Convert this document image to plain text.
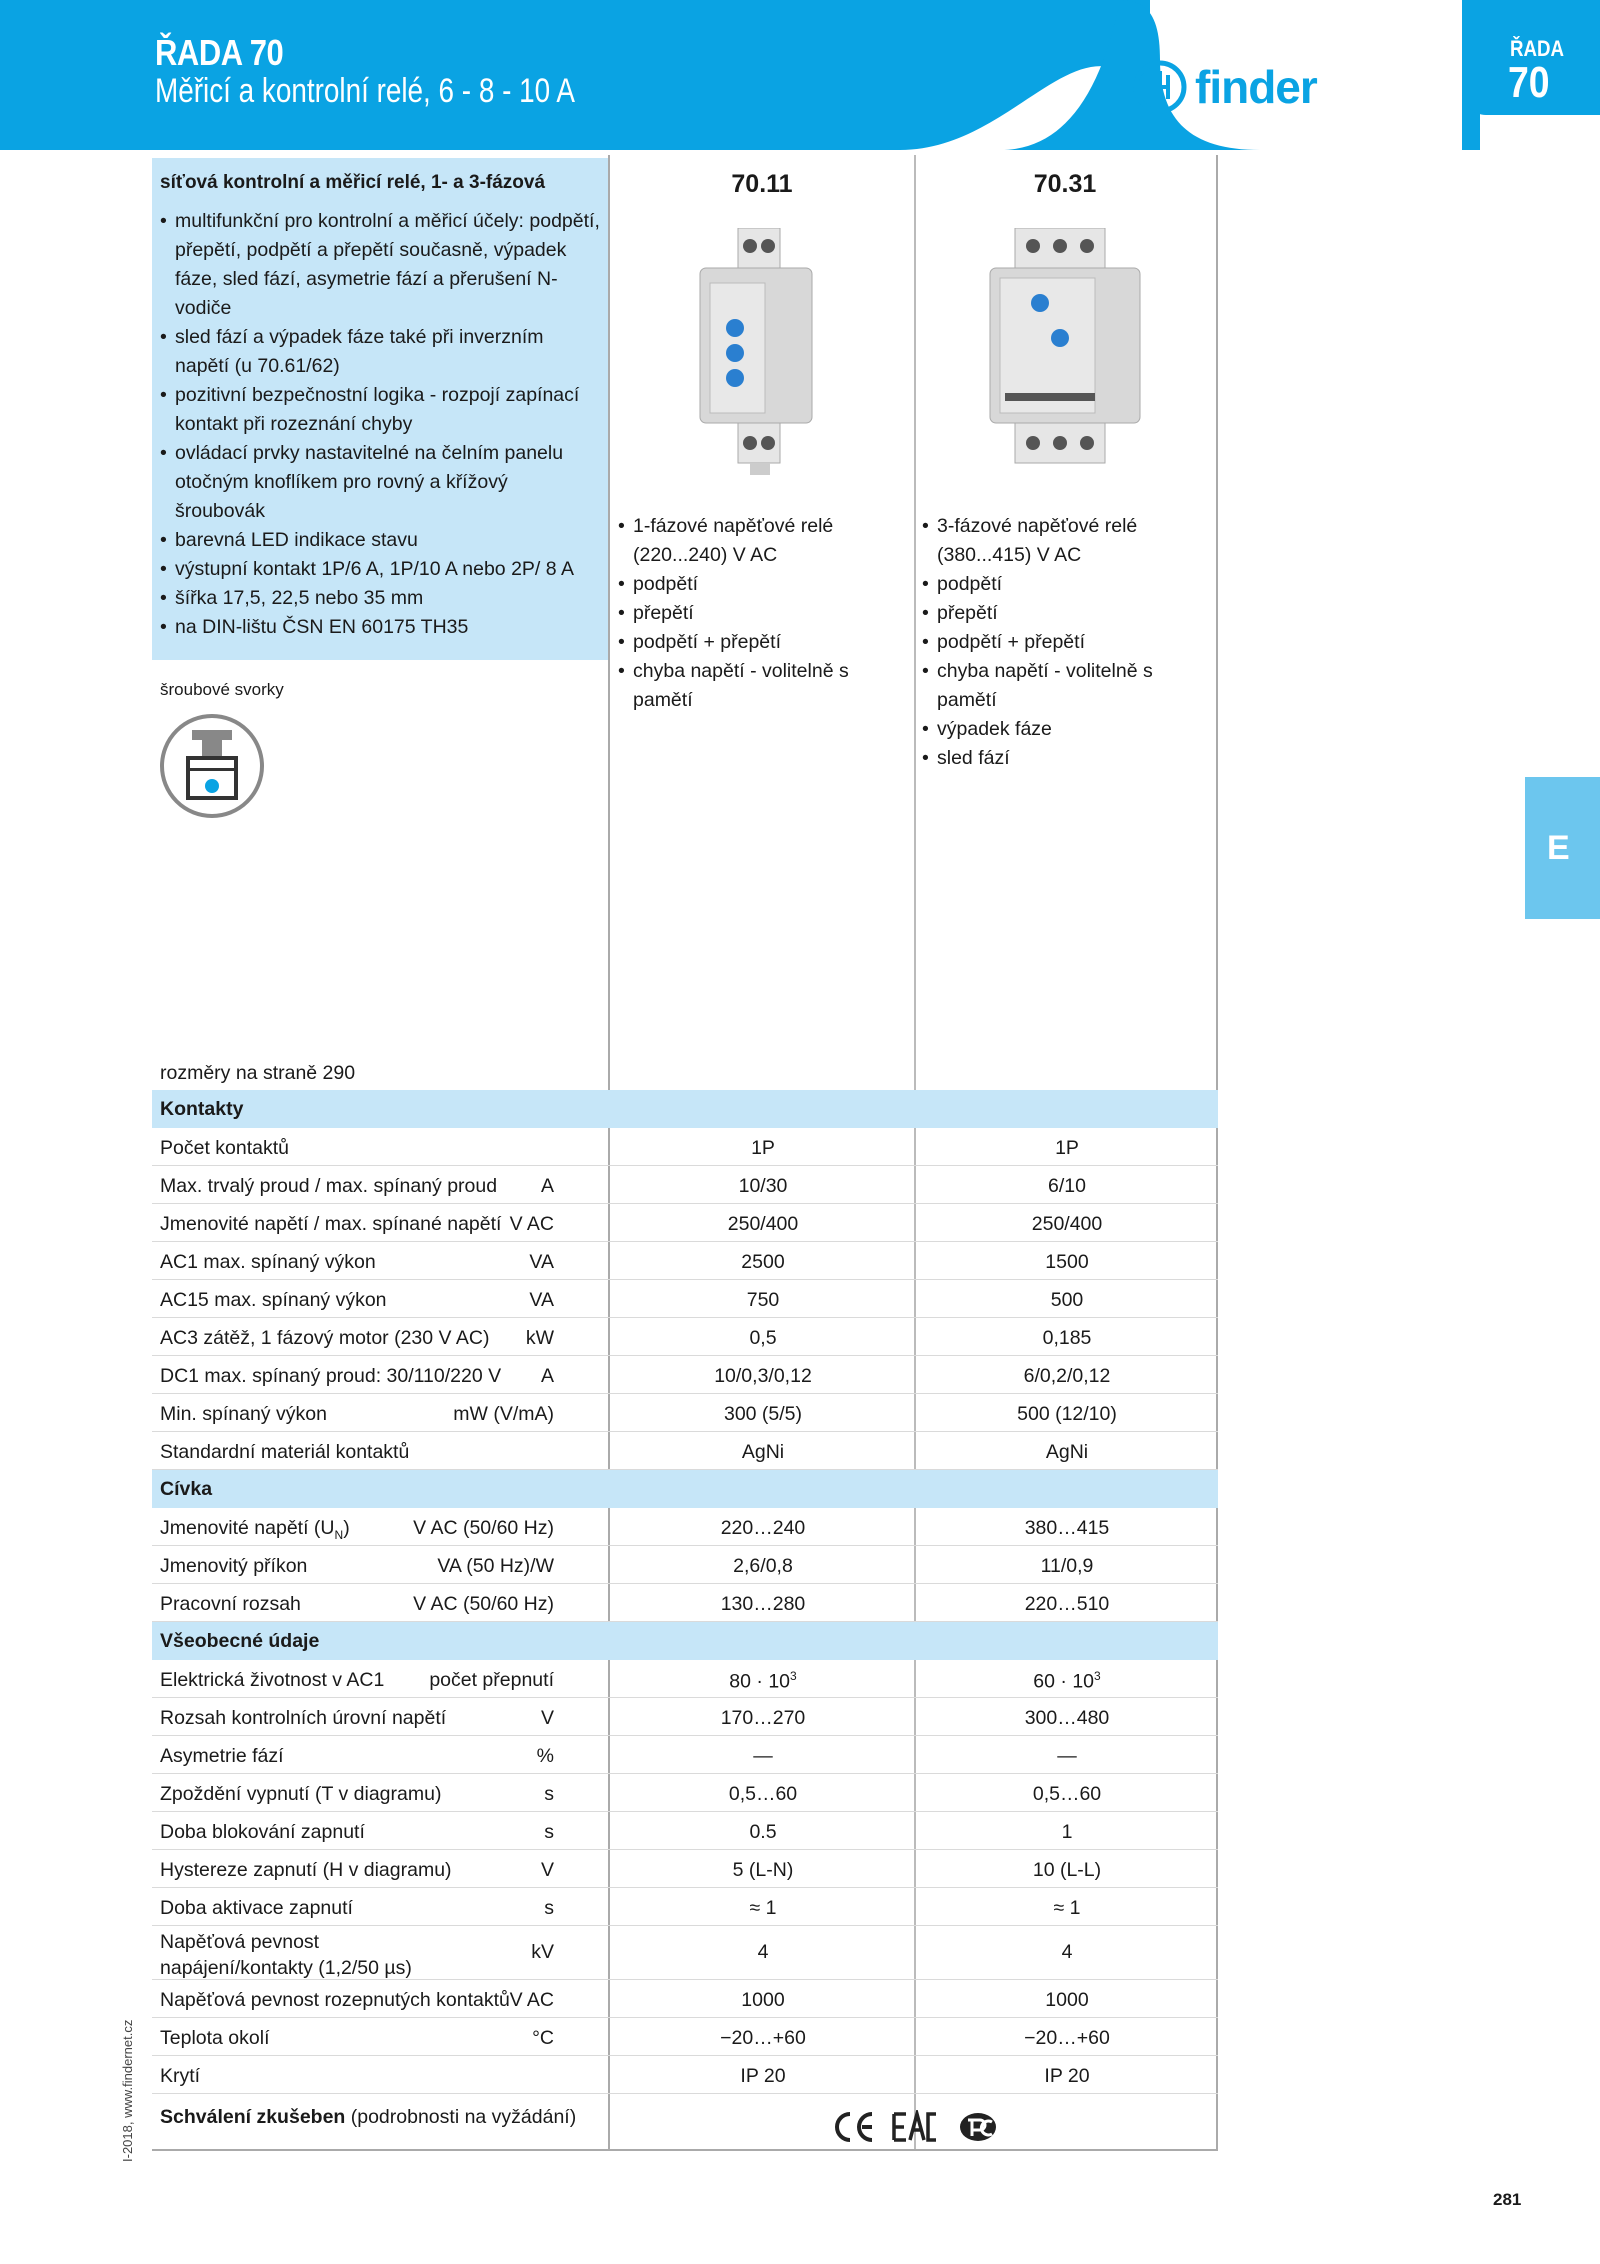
ŘADA 70
Měřicí a kontrolní relé, 6 - 8 - 10 A	finder
ŘADA
70
E
síťová kontrolní a měřicí relé, 1- a 3-fázová
• multifunkční pro kontrolní a měřicí účely: podpětí, přepětí, podpětí a přepětí současně, výpadek fáze, sled fází, asymetrie fází a přerušení N-vodiče
• sled fází a výpadek fáze také při inverzním napětí (u 70.61/62)
• pozitivní bezpečnostní logika - rozpojí zapínací kontakt při rozeznání chyby
• ovládací prvky nastavitelné na čelním panelu otočným knoflíkem pro rovný a křížový šroubovák
• barevná LED indikace stavu
• výstupní kontakt 1P/6 A, 1P/10 A nebo 2P/ 8 A
• šířka 17,5, 22,5 nebo 35 mm
• na DIN-lištu ČSN EN 60175 TH35
šroubové svorky
70.11
• 1-fázové napěťové relé (220...240) V AC
• podpětí
• přepětí
• podpětí + přepětí
• chyba napětí - volitelně s pamětí
70.31
• 3-fázové napěťové relé (380...415) V AC
• podpětí
• přepětí
• podpětí + přepětí
• chyba napětí - volitelně s pamětí
• výpadek fáze
• sled fází
rozměry na straně 290
Kontakty
Počet kontaktů	1P	1P
Max. trvalý proud / max. spínaný proud A	10/30	6/10
Jmenovité napětí / max. spínané napětí V AC	250/400	250/400
AC1 max. spínaný výkon	VA	2500	1500
AC15 max. spínaný výkon	VA	750	500
AC3 zátěž, 1 fázový motor (230 V AC) kW	0,5	0,185
DC1 max. spínaný proud: 30/110/220 V A	10/0,3/0,12	6/0,2/0,12
Min. spínaný výkon	mW (V/mA)	300 (5/5)	500 (12/10)
Standardní materiál kontaktů	AgNi	AgNi
Cívka
Jmenovité napětí $(U_N)$	V AC (50/60 Hz)	220…240	380…415
Jmenovitý příkon	VA (50 Hz)/W	2,6/0,8	11/0,9
Pracovní rozsah	V AC (50/60 Hz)	130…280	220…510
Všeobecné údaje
Elektrická životnost v AC1 počet přepnutí	$80 \cdot 10^3$	$60 \cdot 10^3$
Rozsah kontrolních úrovní napětí	V	170…270	300…480
Asymetrie fází	%	—	—
Zpoždění vypnutí (T v diagramu)	s	0,5…60	0,5…60
Doba blokování zapnutí	s	0.5	1
Hystereze zapnutí (H v diagramu)	V	5 (L-N)	10 (L-L)
Doba aktivace zapnutí	s	≈ 1	≈ 1
Napěťová pevnost napájení/kontakty (1,2/50 µs)
kV	4	4
Napěťová pevnost rozepnutých kontaktů V AC	1000	1000
Teplota okolí	°C	−20…+60	−20…+60
Krytí	IP 20	IP 20
Schválení zkušeben (podrobnosti na vyžádání)
I-2018, www.findernet.cz
281
